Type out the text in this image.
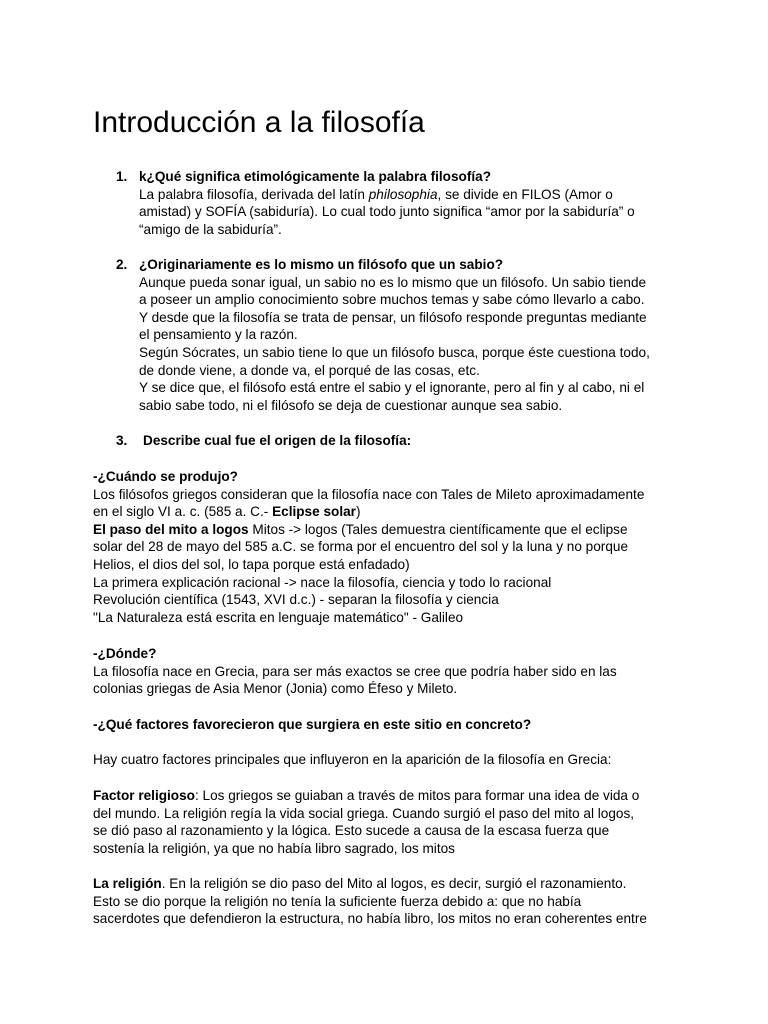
Introducción a la filosofía
1. k¿Qué significa etimológicamente la palabra filosofía?

La palabra filosofía, derivada del latín philosophia, se divide en FILOS (Amor o

amistad) y SOFÍA (sabiduría). Lo cual todo junto significa “amor por la sabiduría” o

“amigo de la sabiduría”.

2. ¿Originariamente es lo mismo un filósofo que un sabio?

Aunque pueda sonar igual, un sabio no es lo mismo que un filósofo. Un sabio tiende

a poseer un amplio conocimiento sobre muchos temas y sabe cómo llevarlo a cabo.

Y desde que la filosofía se trata de pensar, un filósofo responde preguntas mediante

el pensamiento y la razón.

Según Sócrates, un sabio tiene lo que un filósofo busca, porque éste cuestiona todo,

de donde viene, a donde va, el porqué de las cosas, etc.

Y se dice que, el filósofo está entre el sabio y el ignorante, pero al fin y al cabo, ni el

sabio sabe todo, ni el filósofo se deja de cuestionar aunque sea sabio.

3. Describe cual fue el origen de la filosofía:

-¿Cuándo se produjo?

Los filósofos griegos consideran que la filosofía nace con Tales de Mileto aproximadamente

en el siglo VI a. c. (585 a. C.- Eclipse solar)

El paso del mito a logos Mitos -> logos (Tales demuestra científicamente que el eclipse

solar del 28 de mayo del 585 a.C. se forma por el encuentro del sol y la luna y no porque

Helios, el dios del sol, lo tapa porque está enfadado)

La primera explicación racional -> nace la filosofía, ciencia y todo lo racional

Revolución científica (1543, XVI d.c.) - separan la filosofía y ciencia

"La Naturaleza está escrita en lenguaje matemático" - Galileo

-¿Dónde?

La filosofía nace en Grecia, para ser más exactos se cree que podría haber sido en las

colonias griegas de Asia Menor (Jonia) como Éfeso y Mileto.

-¿Qué factores favorecieron que surgiera en este sitio en concreto?

Hay cuatro factores principales que influyeron en la aparición de la filosofía en Grecia:

Factor religioso: Los griegos se guiaban a través de mitos para formar una idea de vida o

del mundo. La religión regía la vida social griega. Cuando surgió el paso del mito al logos,

se dió paso al razonamiento y la lógica. Esto sucede a causa de la escasa fuerza que

sostenía la religión, ya que no había libro sagrado, los mitos

La religión. En la religión se dio paso del Mito al logos, es decir, surgió el razonamiento.

Esto se dio porque la religión no tenía la suficiente fuerza debido a: que no había

sacerdotes que defendieron la estructura, no había libro, los mitos no eran coherentes entre
